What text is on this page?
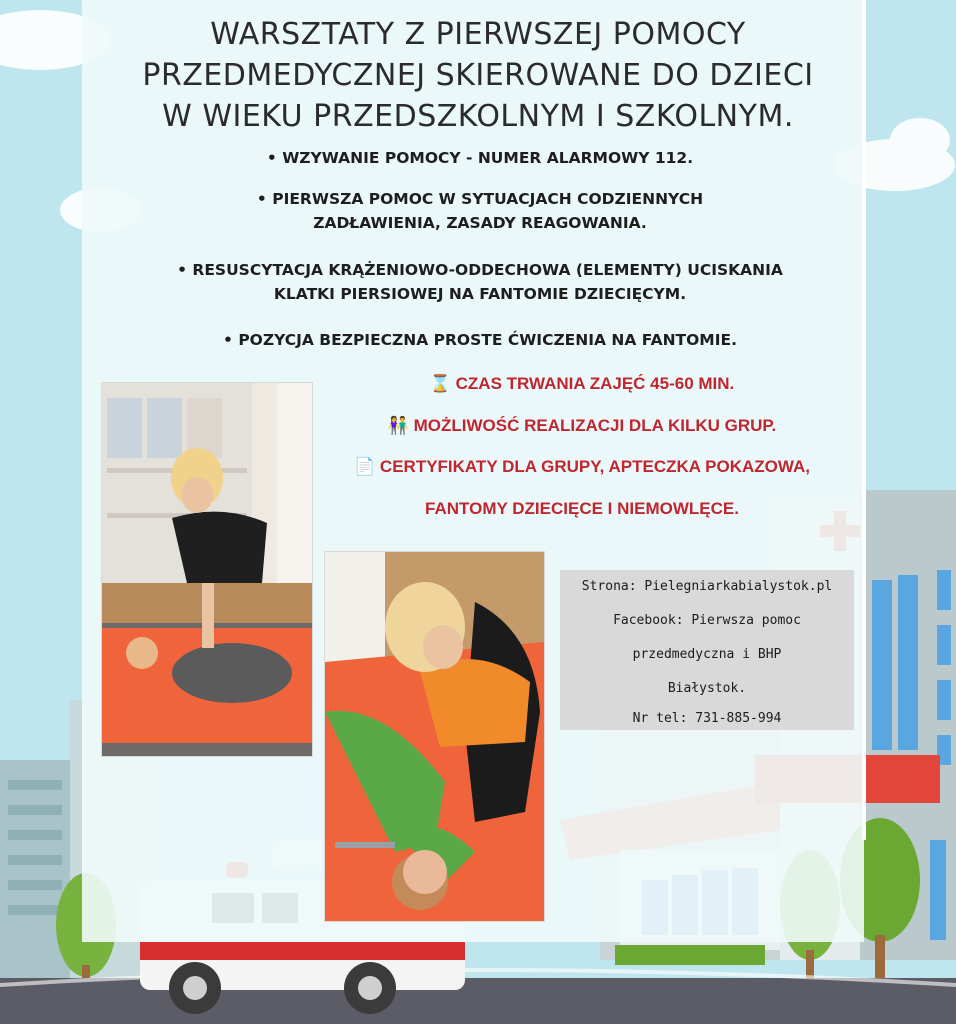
WARSZTATY Z PIERWSZEJ POMOCY
PRZEDMEDYCZNEJ SKIEROWANE DO DZIECI
W WIEKU PRZEDSZKOLNYM I SZKOLNYM.
• WZYWANIE POMOCY - NUMER ALARMOWY 112.
• PIERWSZA POMOC W SYTUACJACH CODZIENNYCH
ZADŁAWIENIA, ZASADY REAGOWANIA.
• RESUSCYTACJA KRĄŻENIOWO-ODDECHOWA (ELEMENTY) UCISKANIA
KLATKI PIERSIOWEJ NA FANTOMIE DZIECIĘCYM.
• POZYCJA BEZPIECZNA PROSTE ĆWICZENIA NA FANTOMIE.
⌛ CZAS TRWANIA ZAJĘĆ 45-60 MIN.
👫 MOŻLIWOŚĆ REALIZACJI DLA KILKU GRUP.
📄 CERTYFIKATY DLA GRUPY, APTECZKA POKAZOWA,
FANTOMY DZIECIĘCE I NIEMOWLĘCE.
Strona: Pielegniarkabialystok.pl
Facebook: Pierwsza pomoc
przedmedyczna i BHP
Białystok.
Nr tel: 731-885-994
